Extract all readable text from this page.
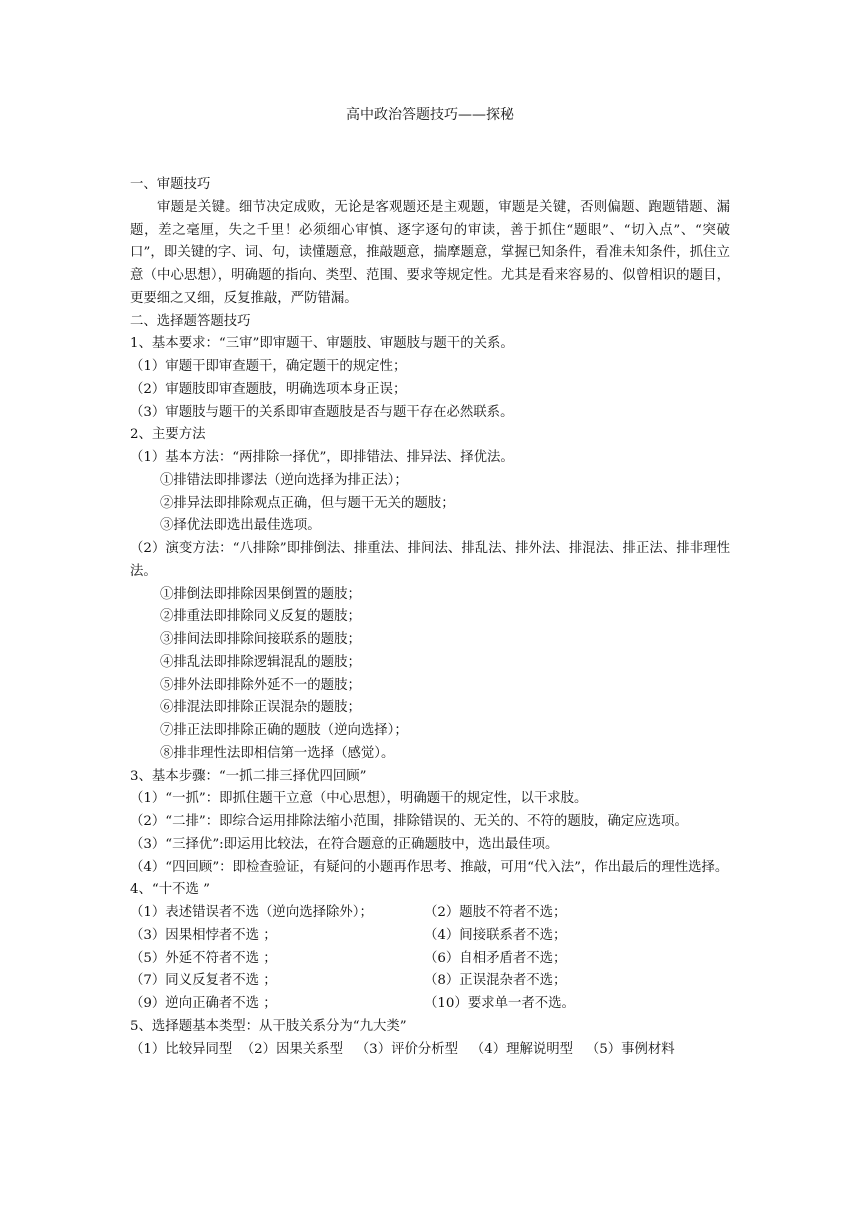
高中政治答题技巧——探秘
一、审题技巧
审题是关键。细节决定成败，无论是客观题还是主观题，审题是关键，否则偏题、跑题错题、漏题，差之毫厘，失之千里！必须细心审慎、逐字逐句的审读，善于抓住“题眼”、“切入点”、“突破口”，即关键的字、词、句，读懂题意，推敲题意，揣摩题意，掌握已知条件，看准未知条件，抓住立意（中心思想），明确题的指向、类型、范围、要求等规定性。尤其是看来容易的、似曾相识的题目，更要细之又细，反复推敲，严防错漏。
二、选择题答题技巧
1、基本要求：“三审”即审题干、审题肢、审题肢与题干的关系。
（1）审题干即审查题干，确定题干的规定性；
（2）审题肢即审查题肢，明确选项本身正误；
（3）审题肢与题干的关系即审查题肢是否与题干存在必然联系。
2、主要方法
（1）基本方法：“两排除一择优”，即排错法、排异法、择优法。
①排错法即排谬法（逆向选择为排正法）；
②排异法即排除观点正确，但与题干无关的题肢；
③择优法即选出最佳选项。
（2）演变方法：“八排除”即排倒法、排重法、排间法、排乱法、排外法、排混法、排正法、排非理性法。
①排倒法即排除因果倒置的题肢；
②排重法即排除同义反复的题肢；
③排间法即排除间接联系的题肢；
④排乱法即排除逻辑混乱的题肢；
⑤排外法即排除外延不一的题肢；
⑥排混法即排除正误混杂的题肢；
⑦排正法即排除正确的题肢（逆向选择）；
⑧排非理性法即相信第一选择（感觉）。
3、基本步骤：“一抓二排三择优四回顾”
（1）“一抓”：即抓住题干立意（中心思想），明确题干的规定性，以干求肢。
（2）“二排”：即综合运用排除法缩小范围，排除错误的、无关的、不符的题肢，确定应选项。
（3）“三择优”:即运用比较法，在符合题意的正确题肢中，选出最佳项。
（4）“四回顾”：即检查验证，有疑问的小题再作思考、推敲，可用“代入法”，作出最后的理性选择。
4、“十不选 ”
（1）表述错误者不选（逆向选择除外）；	（2）题肢不符者不选；
（3）因果相悖者不选 ；	（4）间接联系者不选；
（5）外延不符者不选 ；	（6）自相矛盾者不选；
（7）同义反复者不选 ；	（8）正误混杂者不选；
（9）逆向正确者不选 ；	（10）要求单一者不选。
5、选择题基本类型：从干肢关系分为“九大类”
（1）比较异同型  （2）因果关系型   （3）评价分析型   （4）理解说明型   （5）事例材料
